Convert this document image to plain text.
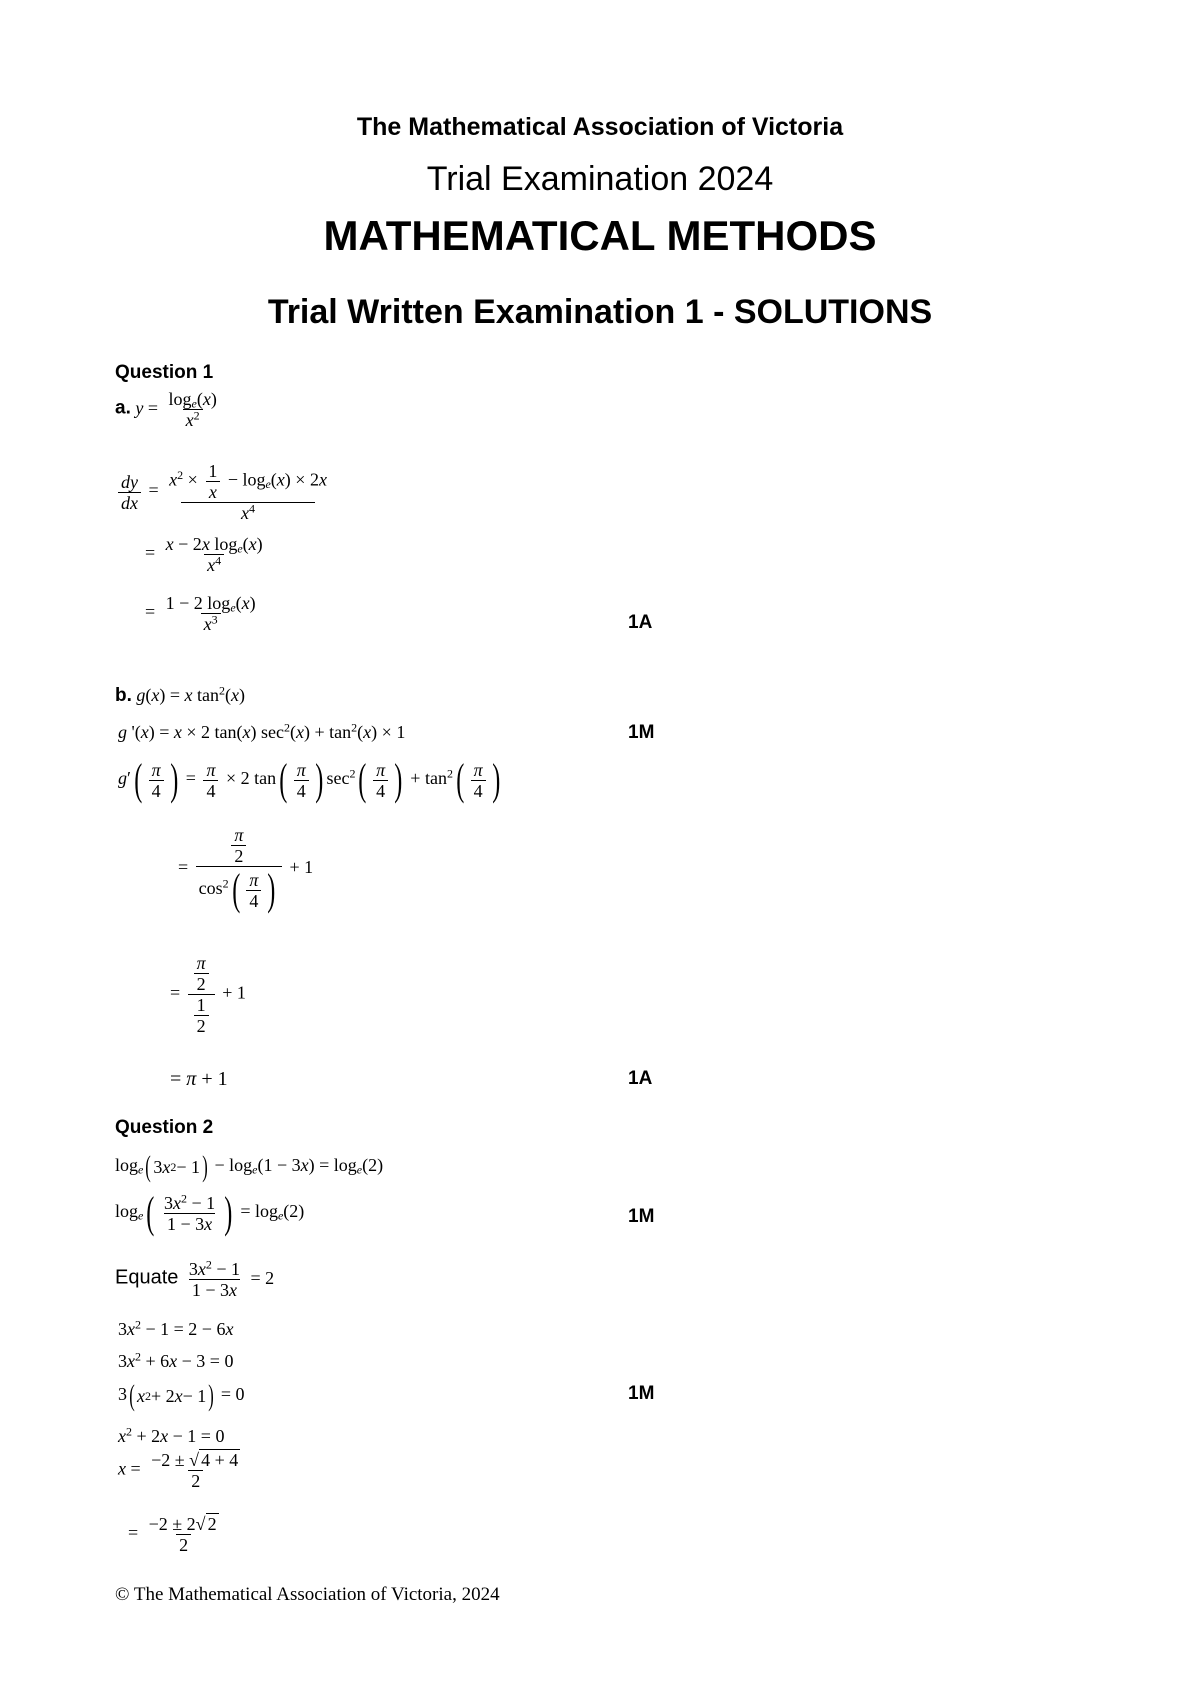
The Mathematical Association of Victoria
Trial Examination 2024
MATHEMATICAL METHODS
Trial Written Examination 1 - SOLUTIONS
Question 1
a. $y = \frac{\log_e(x)}{x^2}$
$\frac{dy}{dx} = \frac{x^2 \times \frac{1}{x} - \log_e(x) \times 2x}{x^4}$
= $\frac{x - 2x \log_e(x)}{x^4}$
= $\frac{1 - 2 \log_e(x)}{x^3}$	1A
b. g(x) = x $\tan^2(x)$
g '(x) = x × 2 tan(x) $\sec^2(x) + \tan^2(x) \times 1$	1M
g′ ( π
4 ) = $\frac{\pi}{4} \times 2$ tan ( π
4 ) $\sec^2$ ( π
4 ) + $\tan^2$ ( π
4 )
= $\frac{\pi}{2}$
$\cos^2$ ( π
4 ) + 1
= $\frac{\frac{\pi}{2}}{\frac{1}{2}} + 1$
= π + 1	1A
Question 2
$\log_e$ ( 3 x 2 − 1 ) − $\log_e(1 - 3x) = \log_e(2)$
$\log_e$ ( $3x^2 - 1$
1 − 3x ) = $\log_e(2)$	1M
Equate $\frac{3x^2 - 1}{1 - 3x} = 2$
$3x^2 - 1 = 2 - 6x$
$3x^2 + 6x - 3 = 0$
3 ( x 2 + 2 x − 1 ) = 0	1M
$x^2 + 2x - 1 = 0$
$x = \frac{-2 \pm √ 4 + 4}{2}$
= $\frac{-2 \pm 2√ 2}{2}$
© The Mathematical Association of Victoria, 2024
